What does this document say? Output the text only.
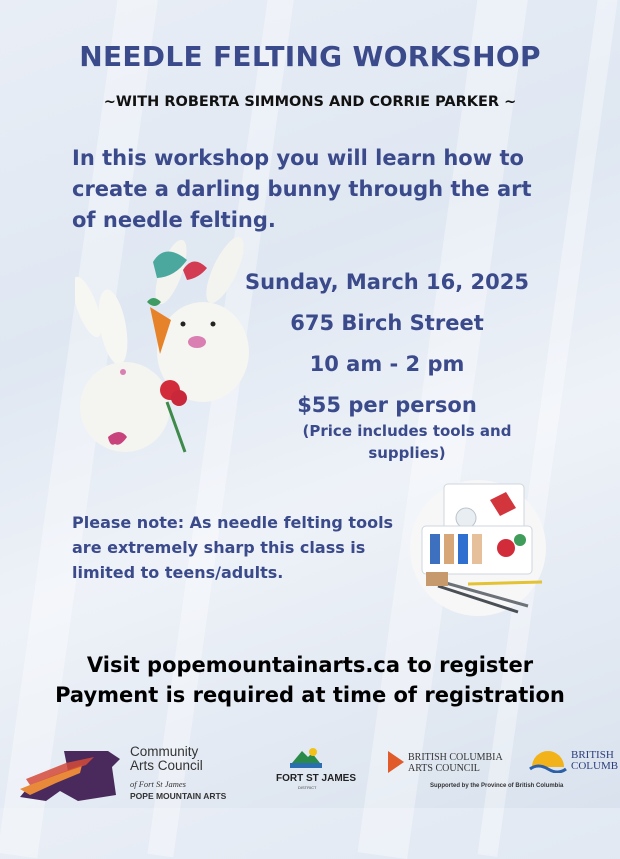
NEEDLE FELTING WORKSHOP
~WITH ROBERTA SIMMONS AND CORRIE PARKER ~
In this workshop you will learn how to
create a darling bunny through the art
of needle felting.
Sunday, March 16, 2025
675 Birch Street
10 am - 2 pm
$55 per person
(Price includes tools and supplies)
Please note: As needle felting tools
are extremely sharp this class is
limited to teens/adults.
Visit popemountainarts.ca to register
Payment is required at time of registration
Community
Arts Council
of Fort St James
POPE MOUNTAIN ARTS
FORT ST JAMES
DISTRICT
BRITISH COLUMBIA
ARTS COUNCIL
Supported by the Province of British Columbia
BRITISH
COLUMB
